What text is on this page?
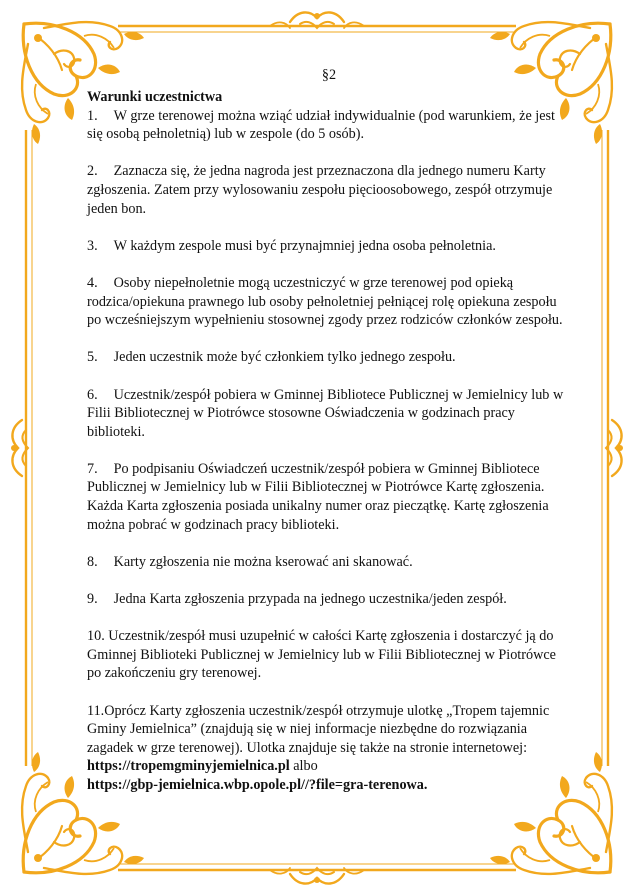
§2

Warunki uczestnictwa

1. W grze terenowej można wziąć udział indywidualnie (pod warunkiem, że jest się osobą pełnoletnią) lub w zespole (do 5 osób).
2. Zaznacza się, że jedna nagroda jest przeznaczona dla jednego numeru Karty zgłoszenia. Zatem przy wylosowaniu zespołu pięcioosobowego, zespół otrzymuje jeden bon.
3. W każdym zespole musi być przynajmniej jedna osoba pełnoletnia.
4. Osoby niepełnoletnie mogą uczestniczyć w grze terenowej pod opieką rodzica/opiekuna prawnego lub osoby pełnoletniej pełniącej rolę opiekuna zespołu po wcześniejszym wypełnieniu stosownej zgody przez rodziców członków zespołu.
5. Jeden uczestnik może być członkiem tylko jednego zespołu.
6. Uczestnik/zespół pobiera w Gminnej Bibliotece Publicznej w Jemielnicy lub w Filii Bibliotecznej w Piotrówce stosowne Oświadczenia w godzinach pracy biblioteki.
7. Po podpisaniu Oświadczeń uczestnik/zespół pobiera w Gminnej Bibliotece Publicznej w Jemielnicy lub w Filii Bibliotecznej w Piotrówce Kartę zgłoszenia. Każda Karta zgłoszenia posiada unikalny numer oraz pieczątkę. Kartę zgłoszenia można pobrać w godzinach pracy biblioteki.
8. Karty zgłoszenia nie można kserować ani skanować.
9. Jedna Karta zgłoszenia przypada na jednego uczestnika/jeden zespół.
10. Uczestnik/zespół musi uzupełnić w całości Kartę zgłoszenia i dostarczyć ją do Gminnej Biblioteki Publicznej w Jemielnicy lub w Filii Bibliotecznej w Piotrówce po zakończeniu gry terenowej.
11.Oprócz Karty zgłoszenia uczestnik/zespół otrzymuje ulotkę „Tropem tajemnic Gminy Jemielnica” (znajdują się w niej informacje niezbędne do rozwiązania zagadek w grze terenowej). Ulotka znajduje się także na stronie internetowej:
https://tropemgminyjemielnica.pl albo
https://gbp-jemielnica.wbp.opole.pl//?file=gra-terenowa.
